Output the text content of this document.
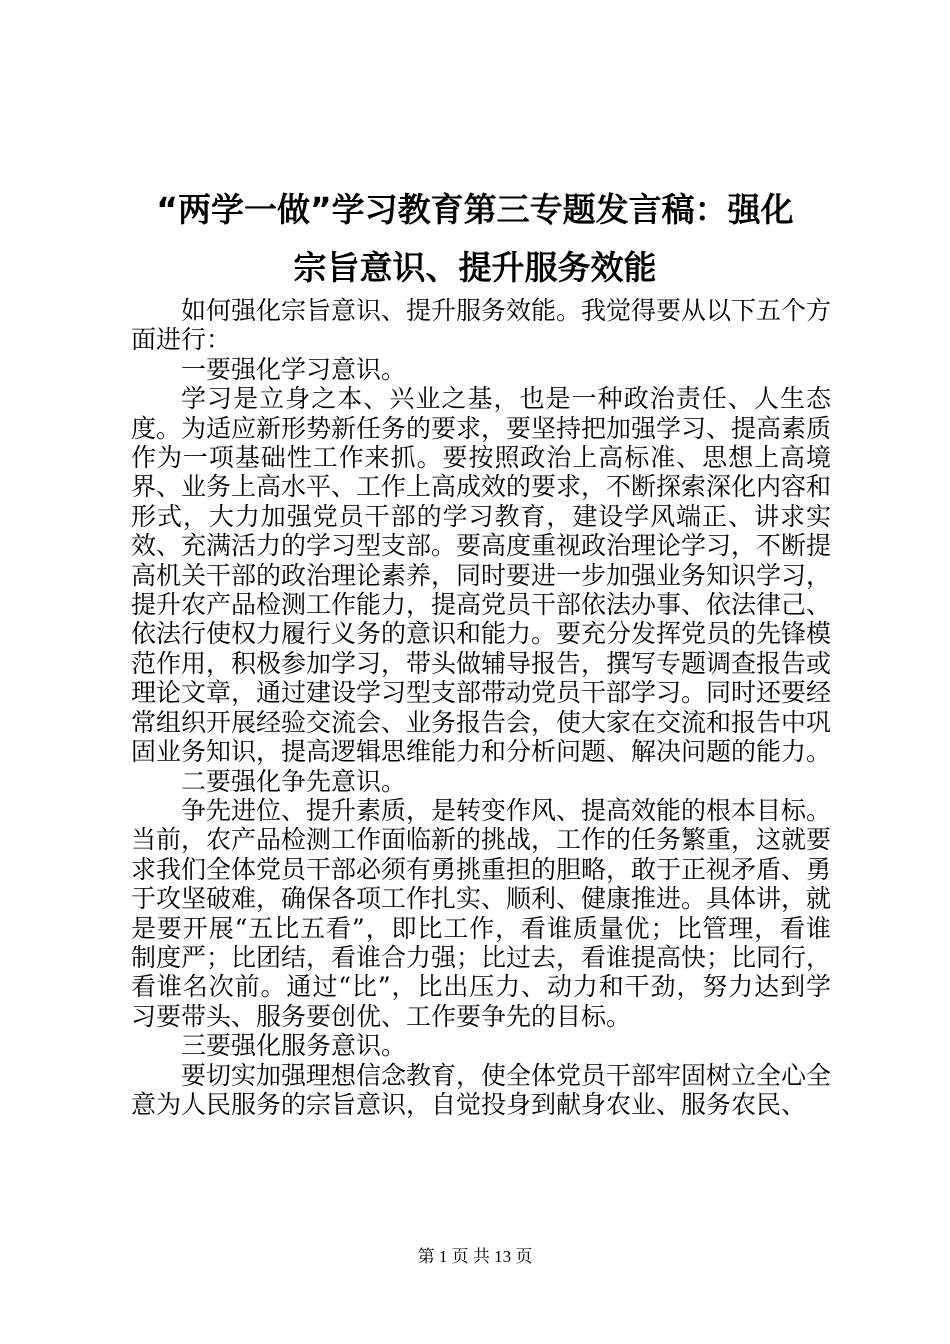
“两学一做”学习教育第三专题发言稿：强化
宗旨意识、提升服务效能

如何强化宗旨意识、提升服务效能。我觉得要从以下五个方面进行：

一要强化学习意识。

学习是立身之本、兴业之基，也是一种政治责任、人生态度。为适应新形势新任务的要求，要坚持把加强学习、提高素质作为一项基础性工作来抓。要按照政治上高标准、思想上高境界、业务上高水平、工作上高成效的要求，不断探索深化内容和形式，大力加强党员干部的学习教育，建设学风端正、讲求实效、充满活力的学习型支部。要高度重视政治理论学习，不断提高机关干部的政治理论素养，同时要进一步加强业务知识学习，提升农产品检测工作能力，提高党员干部依法办事、依法律己、依法行使权力履行义务的意识和能力。要充分发挥党员的先锋模范作用，积极参加学习，带头做辅导报告，撰写专题调查报告或理论文章，通过建设学习型支部带动党员干部学习。同时还要经常组织开展经验交流会、业务报告会，使大家在交流和报告中巩固业务知识，提高逻辑思维能力和分析问题、解决问题的能力。

二要强化争先意识。

争先进位、提升素质，是转变作风、提高效能的根本目标。当前，农产品检测工作面临新的挑战，工作的任务繁重，这就要求我们全体党员干部必须有勇挑重担的胆略，敢于正视矛盾、勇于攻坚破难，确保各项工作扎实、顺利、健康推进。具体讲，就是要开展“五比五看”，即比工作，看谁质量优；比管理，看谁制度严；比团结，看谁合力强；比过去，看谁提高快；比同行，看谁名次前。通过“比”，比出压力、动力和干劲，努力达到学习要带头、服务要创优、工作要争先的目标。

三要强化服务意识。

要切实加强理想信念教育，使全体党员干部牢固树立全心全意为人民服务的宗旨意识，自觉投身到献身农业、服务农民、

第 1 页 共 13 页
